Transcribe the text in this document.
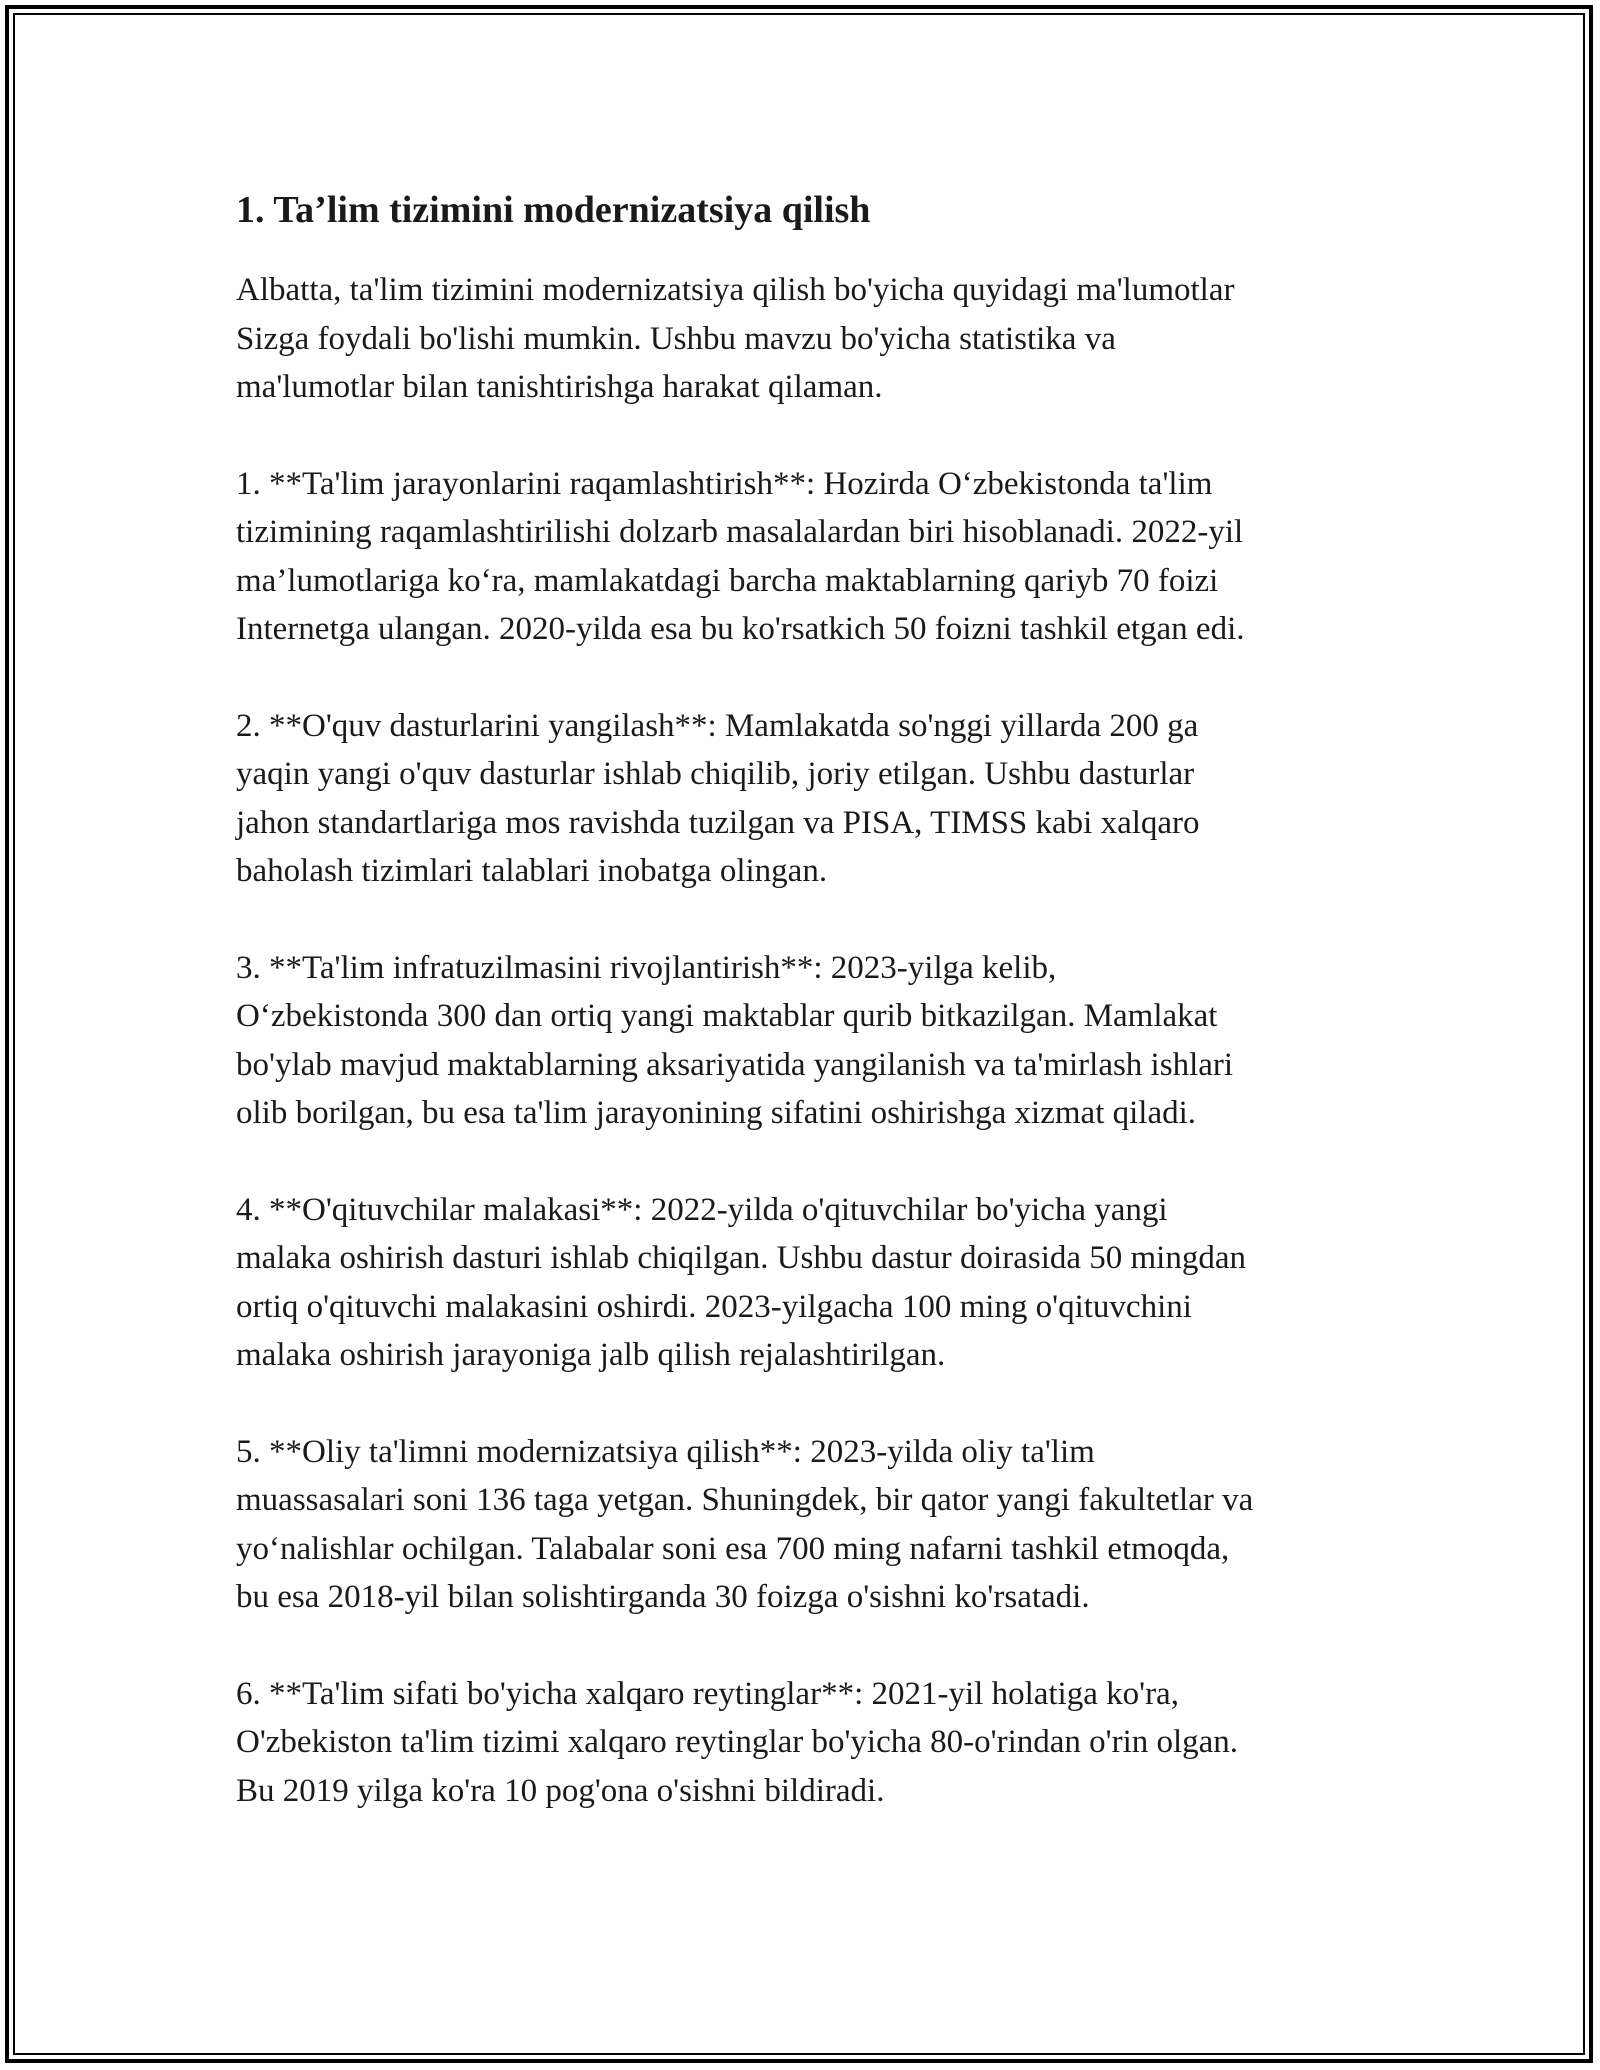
1. Ta’lim tizimini modernizatsiya qilish

Albatta, ta'lim tizimini modernizatsiya qilish bo'yicha quyidagi ma'lumotlar
Sizga foydali bo'lishi mumkin. Ushbu mavzu bo'yicha statistika va
ma'lumotlar bilan tanishtirishga harakat qilaman.

1. **Ta'lim jarayonlarini raqamlashtirish**: Hozirda O‘zbekistonda ta'lim
tizimining raqamlashtirilishi dolzarb masalalardan biri hisoblanadi. 2022-yil
ma’lumotlariga ko‘ra, mamlakatdagi barcha maktablarning qariyb 70 foizi
Internetga ulangan. 2020-yilda esa bu ko'rsatkich 50 foizni tashkil etgan edi.

2. **O'quv dasturlarini yangilash**: Mamlakatda so'nggi yillarda 200 ga
yaqin yangi o'quv dasturlar ishlab chiqilib, joriy etilgan. Ushbu dasturlar
jahon standartlariga mos ravishda tuzilgan va PISA, TIMSS kabi xalqaro
baholash tizimlari talablari inobatga olingan.

3. **Ta'lim infratuzilmasini rivojlantirish**: 2023-yilga kelib,
O‘zbekistonda 300 dan ortiq yangi maktablar qurib bitkazilgan. Mamlakat
bo'ylab mavjud maktablarning aksariyatida yangilanish va ta'mirlash ishlari
olib borilgan, bu esa ta'lim jarayonining sifatini oshirishga xizmat qiladi.

4. **O'qituvchilar malakasi**: 2022-yilda o'qituvchilar bo'yicha yangi
malaka oshirish dasturi ishlab chiqilgan. Ushbu dastur doirasida 50 mingdan
ortiq o'qituvchi malakasini oshirdi. 2023-yilgacha 100 ming o'qituvchini
malaka oshirish jarayoniga jalb qilish rejalashtirilgan.

5. **Oliy ta'limni modernizatsiya qilish**: 2023-yilda oliy ta'lim
muassasalari soni 136 taga yetgan. Shuningdek, bir qator yangi fakultetlar va
yo‘nalishlar ochilgan. Talabalar soni esa 700 ming nafarni tashkil etmoqda,
bu esa 2018-yil bilan solishtirganda 30 foizga o'sishni ko'rsatadi.

6. **Ta'lim sifati bo'yicha xalqaro reytinglar**: 2021-yil holatiga ko'ra,
O'zbekiston ta'lim tizimi xalqaro reytinglar bo'yicha 80-o'rindan o'rin olgan.
Bu 2019 yilga ko'ra 10 pog'ona o'sishni bildiradi.
